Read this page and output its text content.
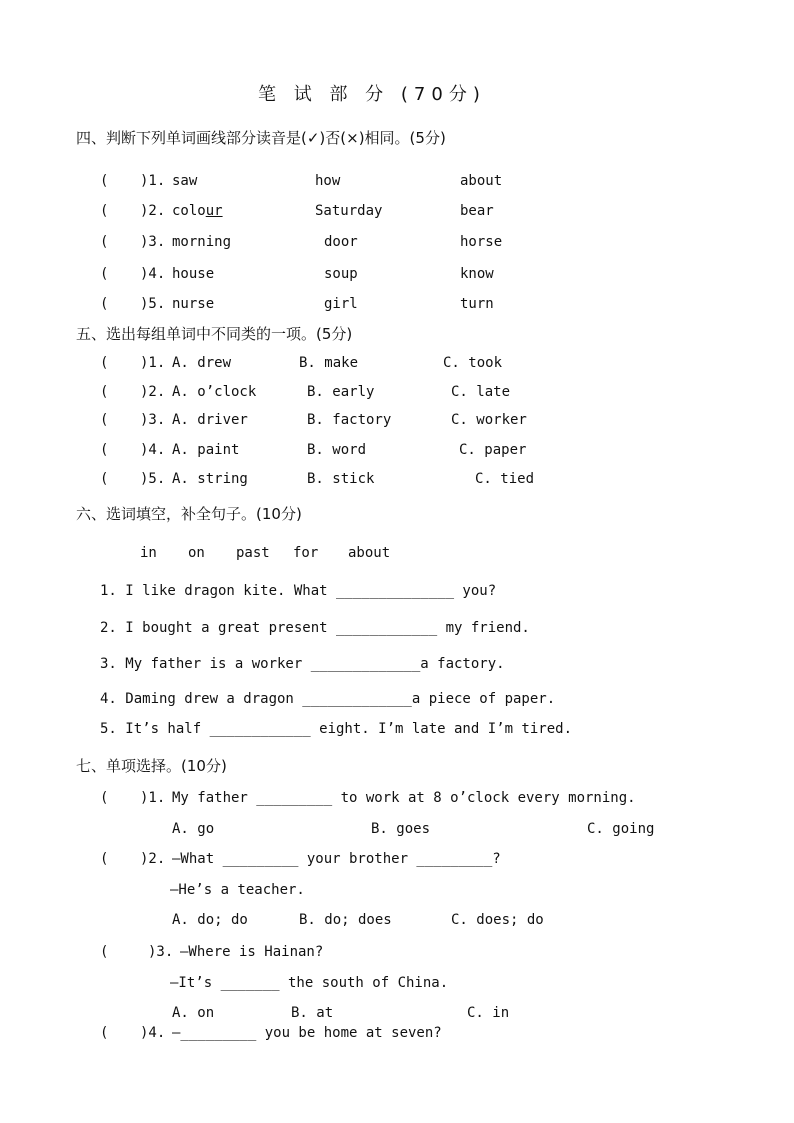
笔 试 部 分 (70分)
四、判断下列单词画线部分读音是(✓)否(×)相同。(5分)
( )1. saw	how	about
( )2. colour	Saturday	bear
( )3. morning	door	horse
( )4. house	soup	know
( )5. nurse	girl	turn
五、选出每组单词中不同类的一项。(5分)
( )1. A. drew	B. make	C. took
( )2. A. o’clock	B. early	C. late
( )3. A. driver	B. factory	C. worker
( )4. A. paint	B. word	C. paper
( )5. A. string	B. stick	C. tied
六、选词填空，补全句子。(10分)
in on past for about
1. I like dragon kite. What ______________ you?
2. I bought a great present ____________ my friend.
3. My father is a worker _____________a factory.
4. Daming drew a dragon _____________a piece of paper.
5. It’s half ____________ eight. I’m late and I’m tired.
七、单项选择。(10分)
( )1. My father _________ to work at 8 o’clock every morning.
A. go	B. goes	C. going
( )2. —What _________ your brother _________?
—He’s a teacher.
A. do; do	B. do; does	C. does; do
(	)3. —Where is Hainan?
—It’s _______ the south of China.
A. on	B. at	C. in
( )4. —_________ you be home at seven?
